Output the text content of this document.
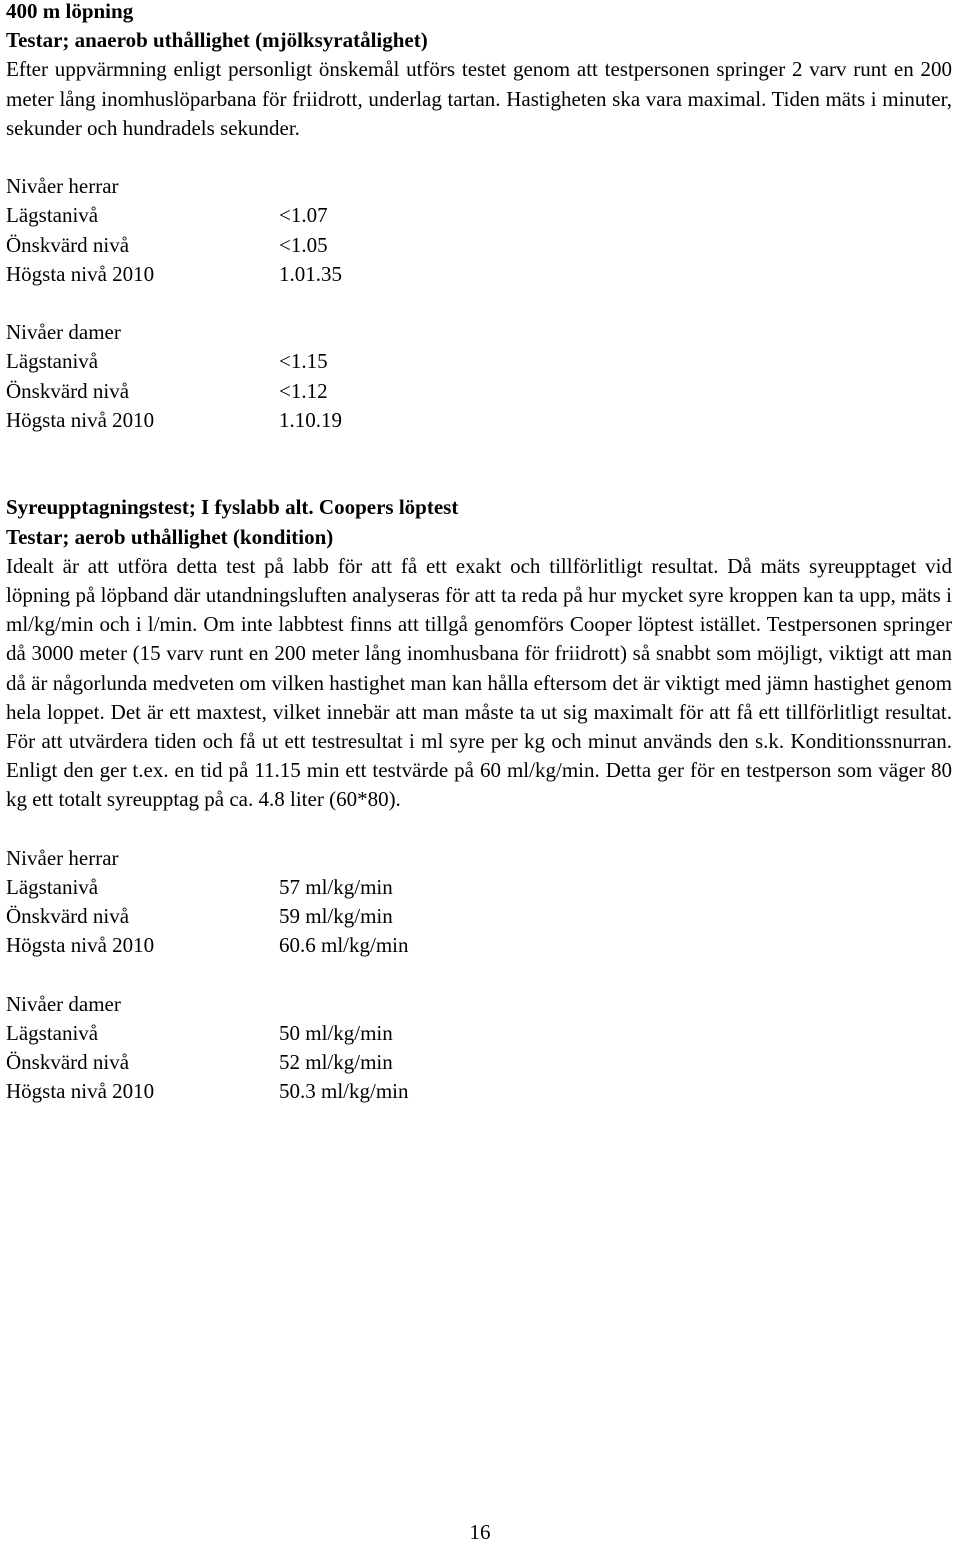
400 m löpning
Testar; anaerob uthållighet (mjölksyratålighet)
Efter uppvärmning enligt personligt önskemål utförs testet genom att testpersonen springer 2 varv runt en 200 meter lång inomhuslöparbana för friidrott, underlag tartan. Hastigheten ska vara maximal. Tiden mäts i minuter, sekunder och hundradels sekunder.
Nivåer herrar
Lägstanivå	<1.07
Önskvärd nivå	<1.05
Högsta nivå 2010	1.01.35
Nivåer damer
Lägstanivå	<1.15
Önskvärd nivå	<1.12
Högsta nivå 2010	1.10.19
Syreupptagningstest; I fyslabb alt. Coopers löptest
Testar; aerob uthållighet (kondition)
Idealt är att utföra detta test på labb för att få ett exakt och tillförlitligt resultat. Då mäts syreupptaget vid löpning på löpband där utandningsluften analyseras för att ta reda på hur mycket syre kroppen kan ta upp, mäts i ml/kg/min och i l/min. Om inte labbtest finns att tillgå genomförs Cooper löptest istället. Testpersonen springer då 3000 meter (15 varv runt en 200 meter lång inomhusbana för friidrott) så snabbt som möjligt, viktigt att man då är någorlunda medveten om vilken hastighet man kan hålla eftersom det är viktigt med jämn hastighet genom hela loppet. Det är ett maxtest, vilket innebär att man måste ta ut sig maximalt för att få ett tillförlitligt resultat. För att utvärdera tiden och få ut ett testresultat i ml syre per kg och minut används den s.k. Konditionssnurran. Enligt den ger t.ex. en tid på 11.15 min ett testvärde på 60 ml/kg/min. Detta ger för en testperson som väger 80 kg ett totalt syreupptag på ca. 4.8 liter (60*80).
Nivåer herrar
Lägstanivå	57 ml/kg/min
Önskvärd nivå	59 ml/kg/min
Högsta nivå 2010	60.6 ml/kg/min
Nivåer damer
Lägstanivå	50 ml/kg/min
Önskvärd nivå	52 ml/kg/min
Högsta nivå 2010	50.3 ml/kg/min
16
